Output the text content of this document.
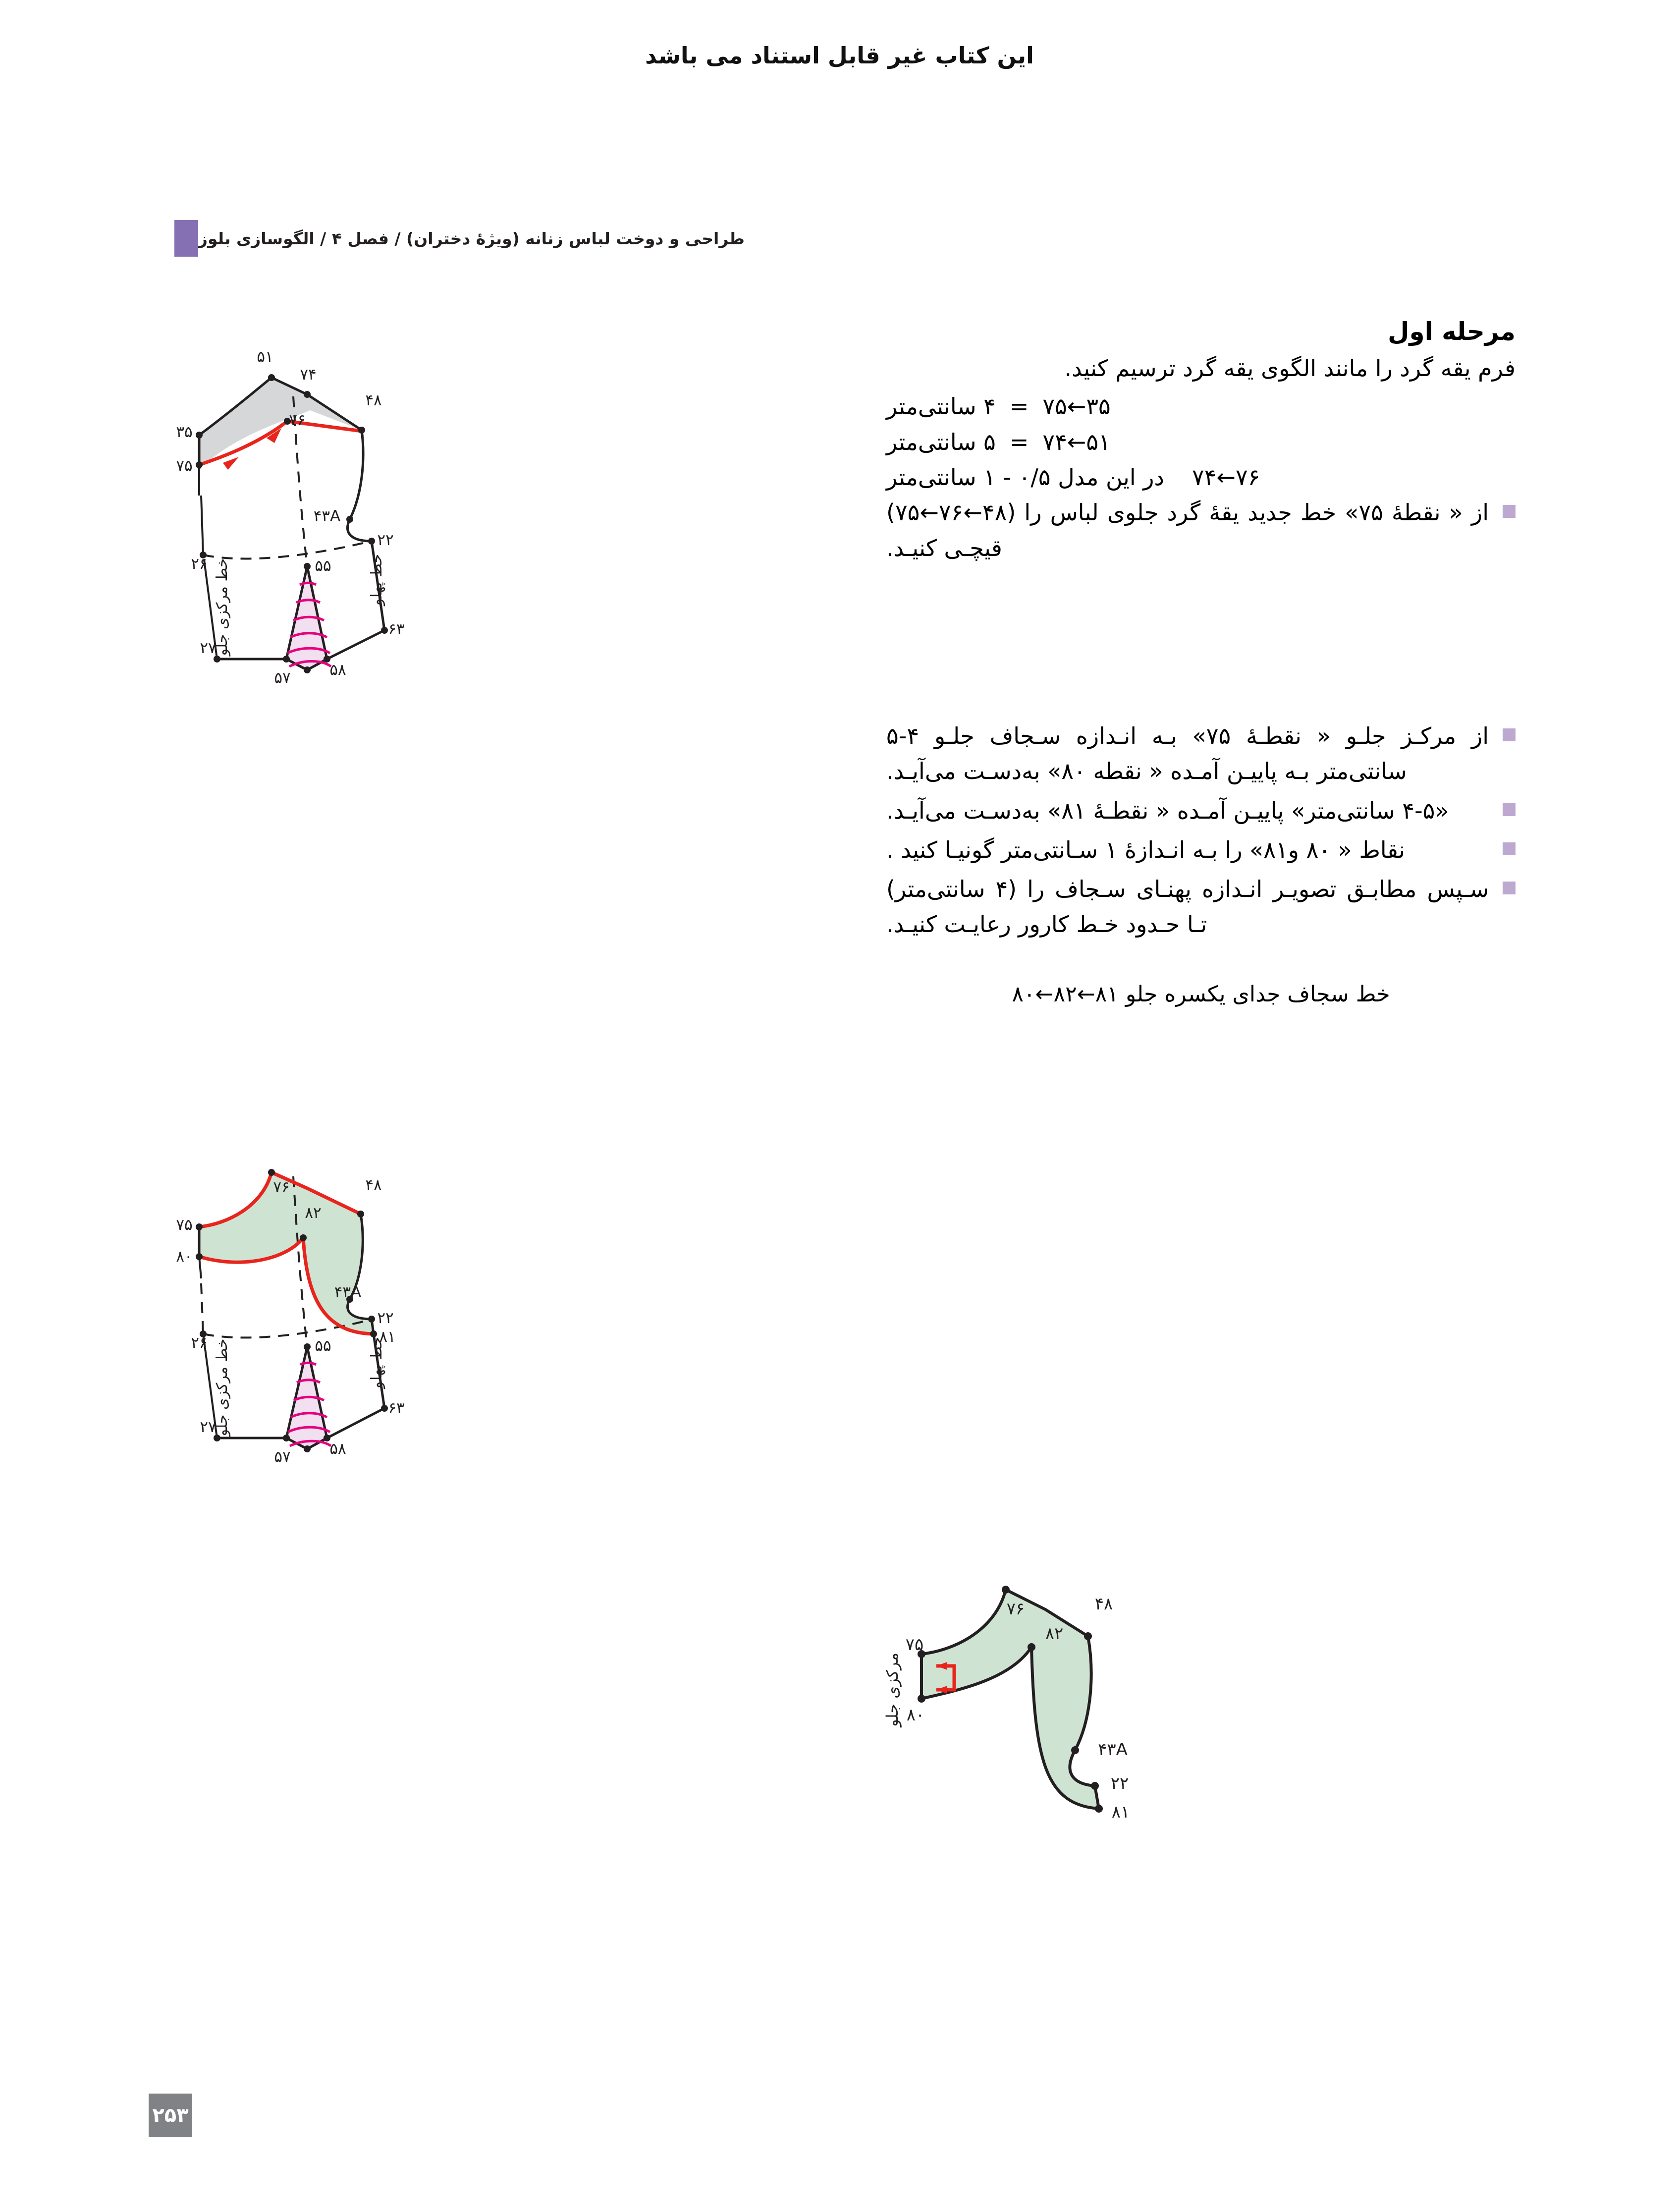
این کتاب غیر قابل استناد می باشد
طراحی و دوخت لباس زنانه (ویژهٔ دختران) / فصل ۴ / الگوسازی بلوز
۵۱
۷۴
۴۸
۳۵
۷۶
۷۵
۴۳A
۲۲
۲۶	۵۵
۶۳
۲۷
۵۷	۵۸
خط مرکزی جلو	خط پهلو
۷۶	۴۸
۸۲
۷۵
۸۰
۴۳A
۲۲
۲۶	۸۱
۵۵
۶۳
۲۷
۵۷	۵۸
خط مرکزی جلو	خط پهلو
۷۶	۴۸
۸۲
۷۵
۸۰
۴۳A
۲۲
۸۱
مرکزی جلو
مرحله اول

فرم یقه گرد را مانند الگوی یقه گرد ترسیم کنید.

۴ سانتی‌متر = ۳۵←۷۵
۵ سانتی‌متر = ۵۱←۷۴
در این مدل ۰/۵ - ۱ سانتی‌متر ۷۶←۷۴

از « نقطهٔ ۷۵» خط جدید یقهٔ گرد جلوی لباس را (۴۸←۷۶←۷۵) قیچـی کنیـد.

از مرکـز جلـو « نقطـهٔ ۷۵» بـه انـدازه سـجاف جلـو ۴-۵ سانتی‌متر بـه پاییـن آمـده « نقطه ۸۰» به‌دسـت می‌آیـد.

«۴-۵ سانتی‌متر» پاییـن آمـده « نقطـهٔ ۸۱» به‌دسـت می‌آیـد.

نقاط « ۸۰ و۸۱» را بـه انـدازهٔ ۱ سـانتی‌متر گونیـا کنید .

سـپس مطابـق تصویـر انـدازه پهنـای سـجاف را (۴ سانتی‌متر) تـا حـدود خـط کارور رعایـت کنیـد.

خط سجاف جدای یکسره جلو ۸۱←۸۲←۸۰

۲۵۳
